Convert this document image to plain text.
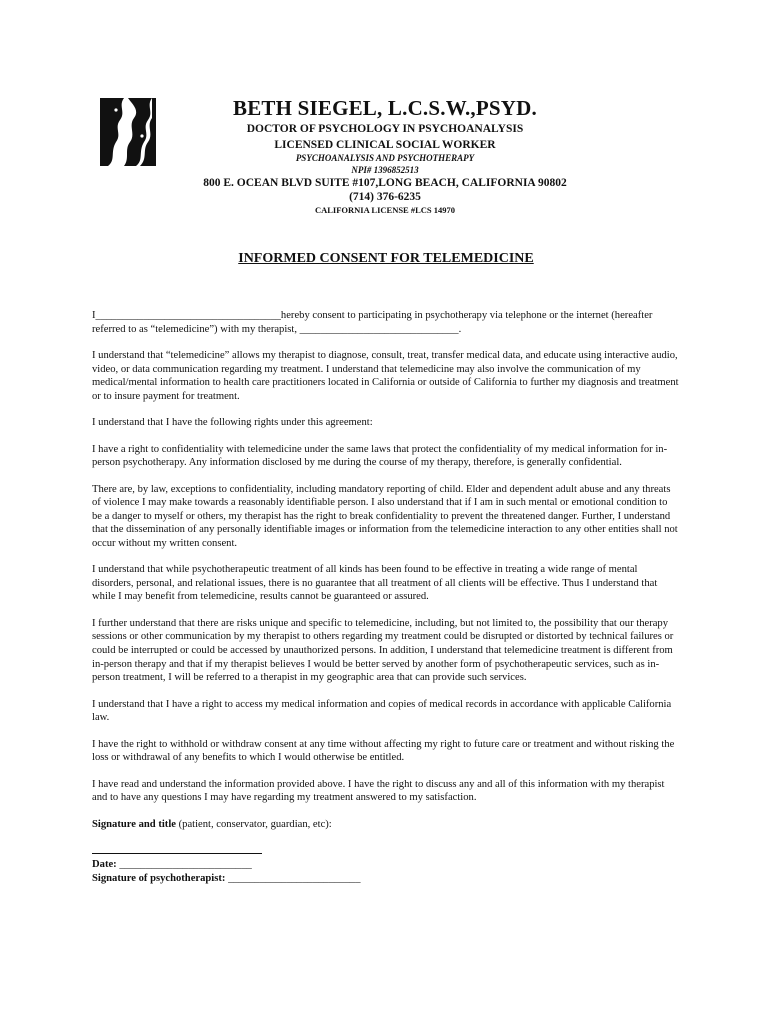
BETH SIEGEL, L.C.S.W.,PSYD.
DOCTOR OF PSYCHOLOGY IN PSYCHOANALYSIS
LICENSED CLINICAL SOCIAL WORKER
PSYCHOANALYSIS AND PSYCHOTHERAPY
NPI# 1396852513
800 E. OCEAN BLVD SUITE #107,LONG BEACH, CALIFORNIA 90802
(714) 376-6235
CALIFORNIA LICENSE #LCS 14970
INFORMED CONSENT FOR TELEMEDICINE

I___________________________________hereby consent to participating in psychotherapy via telephone or the internet (hereafter referred to as “telemedicine”) with my therapist, ______________________________.

I understand that “telemedicine” allows my therapist to diagnose, consult, treat, transfer medical data, and educate using interactive audio, video, or data communication regarding my treatment. I understand that telemedicine may also involve the communication of my medical/mental information to health care practitioners located in California or outside of California to further my diagnosis and treatment or to insure payment for treatment.

I understand that I have the following rights under this agreement:

I have a right to confidentiality with telemedicine under the same laws that protect the confidentiality of my medical information for in-person psychotherapy. Any information disclosed by me during the course of my therapy, therefore, is generally confidential.

There are, by law, exceptions to confidentiality, including mandatory reporting of child. Elder and dependent adult abuse and any threats of violence I may make towards a reasonably identifiable person. I also understand that if I am in such mental or emotional condition to be a danger to myself or others, my therapist has the right to break confidentiality to prevent the threatened danger. Further, I understand that the dissemination of any personally identifiable images or information from the telemedicine interaction to any other entities shall not occur without my written consent.

I understand that while psychotherapeutic treatment of all kinds has been found to be effective in treating a wide range of mental disorders, personal, and relational issues, there is no guarantee that all treatment of all clients will be effective. Thus I understand that while I may benefit from telemedicine, results cannot be guaranteed or assured.

I further understand that there are risks unique and specific to telemedicine, including, but not limited to, the possibility that our therapy sessions or other communication by my therapist to others regarding my treatment could be disrupted or distorted by technical failures or could be interrupted or could be accessed by unauthorized persons. In addition, I understand that telemedicine treatment is different from in-person therapy and that if my therapist believes I would be better served by another form of psychotherapeutic services, such as in-person treatment, I will be referred to a therapist in my geographic area that can provide such services.

I understand that I have a right to access my medical information and copies of medical records in accordance with applicable California law.

I have the right to withhold or withdraw consent at any time without affecting my right to future care or treatment and without risking the loss or withdrawal of any benefits to which I would otherwise be entitled.

I have read and understand the information provided above. I have the right to discuss any and all of this information with my therapist and to have any questions I may have regarding my treatment answered to my satisfaction.

Signature and title (patient, conservator, guardian, etc):
Date: _________________________
Signature of psychotherapist: _________________________
